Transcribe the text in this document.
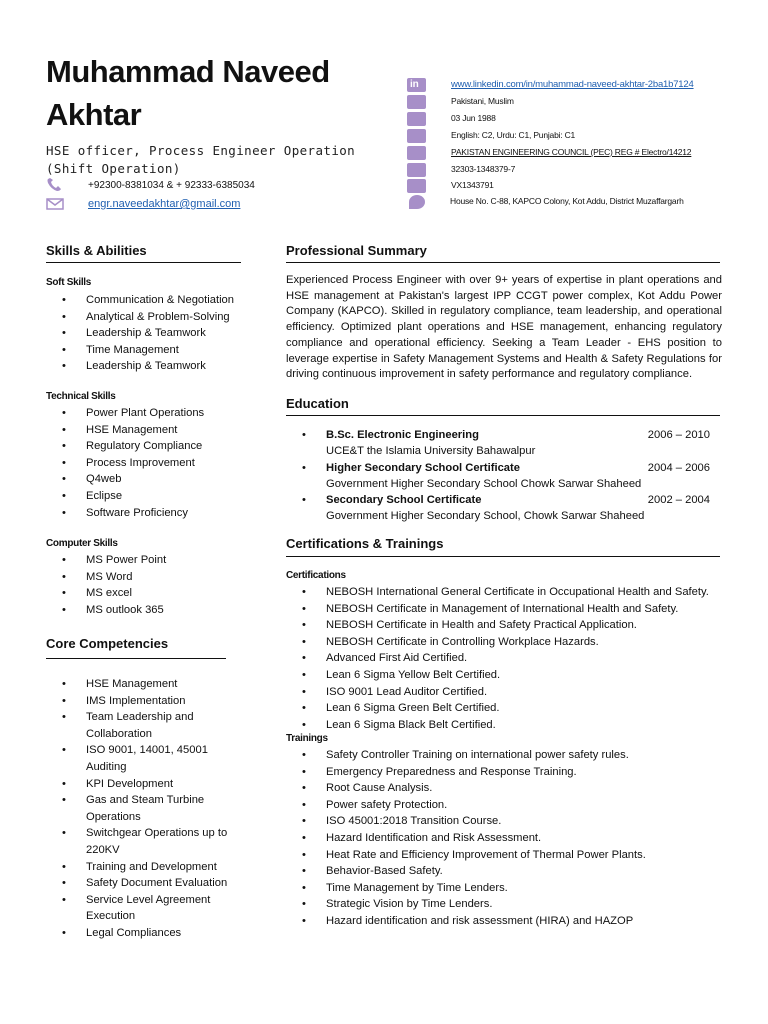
Muhammad Naveed
Akhtar
HSE officer, Process Engineer Operation (Shift Operation)
+92300-8381034 & + 92333-6385034
engr.naveedakhtar@gmail.com
inwww.linkedin.com/in/muhammad-naveed-akhtar-2ba1b7124
Pakistani, Muslim
03 Jun 1988
English: C2, Urdu: C1, Punjabi: C1
PAKISTAN ENGINEERING COUNCIL (PEC) REG # Electro/14212
32303-1348379-7
VX1343791
House No. C-88, KAPCO Colony, Kot Addu, District Muzaffargarh
Skills & Abilities
Soft Skills
• Communication & Negotiation
• Analytical & Problem-Solving
• Leadership & Teamwork
• Time Management
• Leadership & Teamwork
Technical Skills
• Power Plant Operations
• HSE Management
• Regulatory Compliance
• Process Improvement
• Q4web
• Eclipse
• Software Proficiency
Computer Skills
• MS Power Point
• MS Word
• MS excel
• MS outlook 365
Core Competencies
• HSE Management
• IMS Implementation
• Team Leadership and Collaboration
• ISO 9001, 14001, 45001 Auditing
• KPI Development
• Gas and Steam Turbine Operations
• Switchgear Operations up to 220KV
• Training and Development
• Safety Document Evaluation
• Service Level Agreement Execution
• Legal Compliances
Professional Summary
Experienced Process Engineer with over 9+ years of expertise in plant operations and HSE management at Pakistan's largest IPP CCGT power complex, Kot Addu Power Company (KAPCO). Skilled in regulatory compliance, team leadership, and operational efficiency. Optimized plant operations and HSE management, enhancing regulatory compliance and operational efficiency. Seeking a Team Leader - EHS position to leverage expertise in Safety Management Systems and Health & Safety Regulations for driving continuous improvement in safety performance and regulatory compliance.
Education
• B.Sc. Electronic Engineering
UCE&T the Islamia University Bahawalpur
2006 – 2010
• Higher Secondary School Certificate
Government Higher Secondary School Chowk Sarwar Shaheed
2004 – 2006
• Secondary School Certificate
Government Higher Secondary School, Chowk Sarwar Shaheed
2002 – 2004
Certifications & Trainings
Certifications
• NEBOSH International General Certificate in Occupational Health and Safety.
• NEBOSH Certificate in Management of International Health and Safety.
• NEBOSH Certificate in Health and Safety Practical Application.
• NEBOSH Certificate in Controlling Workplace Hazards.
• Advanced First Aid Certified.
• Lean 6 Sigma Yellow Belt Certified.
• ISO 9001 Lead Auditor Certified.
• Lean 6 Sigma Green Belt Certified.
• Lean 6 Sigma Black Belt Certified.
Trainings
• Safety Controller Training on international power safety rules.
• Emergency Preparedness and Response Training.
• Root Cause Analysis.
• Power safety Protection.
• ISO 45001:2018 Transition Course.
• Hazard Identification and Risk Assessment.
• Heat Rate and Efficiency Improvement of Thermal Power Plants.
• Behavior-Based Safety.
• Time Management by Time Lenders.
• Strategic Vision by Time Lenders.
• Hazard identification and risk assessment (HIRA) and HAZOP
